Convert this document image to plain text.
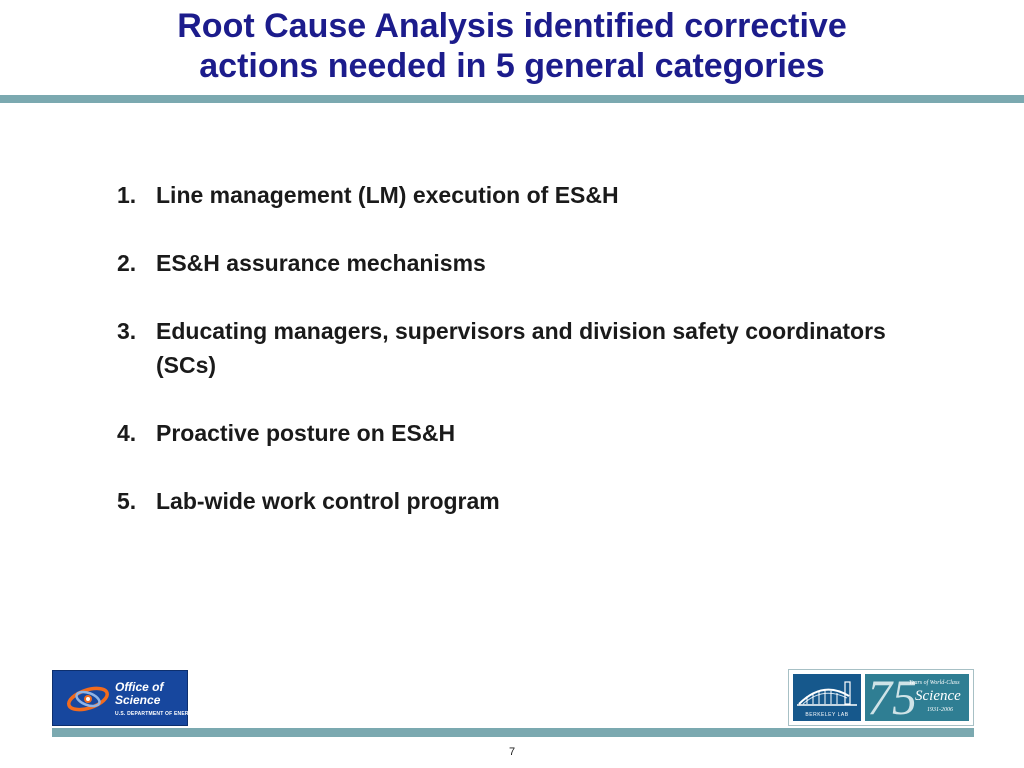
Root Cause Analysis identified corrective
actions needed in 5 general categories
1. Line management (LM) execution of ES&H
2. ES&H assurance mechanisms
3. Educating managers, supervisors and division safety coordinators (SCs)
4. Proactive posture on ES&H
5. Lab-wide work control program
Office of
Science
U.S. DEPARTMENT OF ENERGY	BERKELEY LAB 75
Years of World-Class
Science
1931-2006
7
